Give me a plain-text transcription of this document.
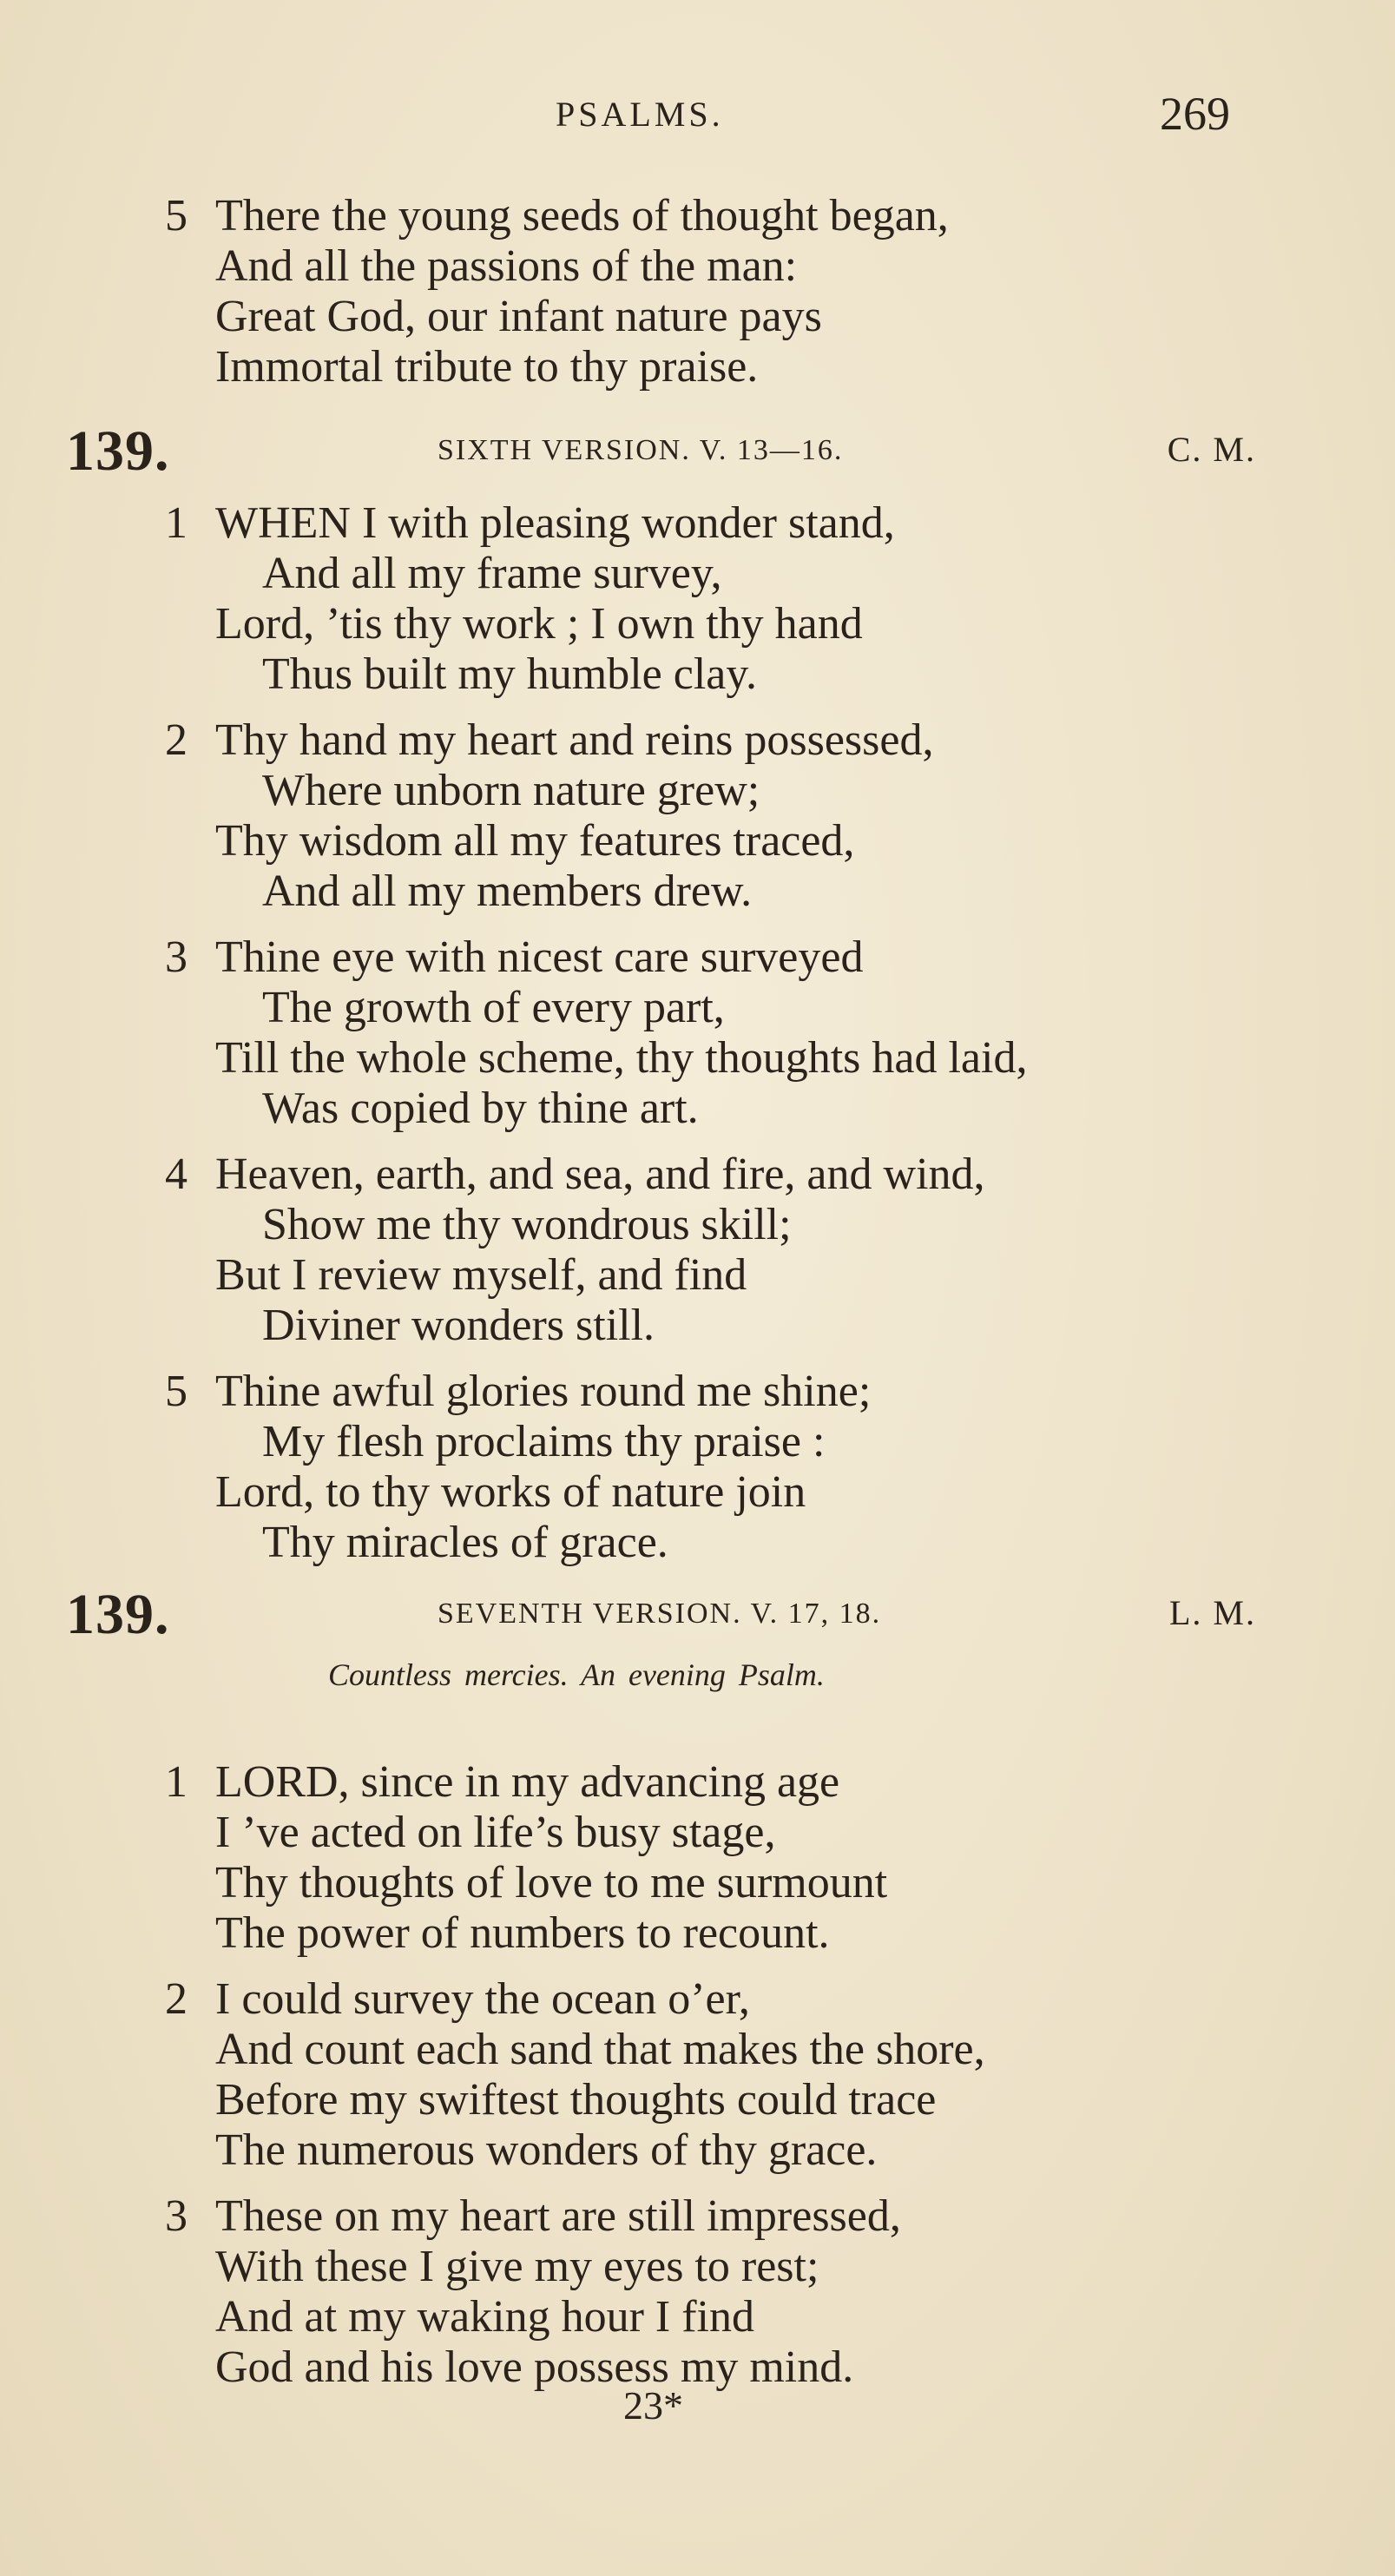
PSALMS.	269
5 There the young seeds of thought began,
And all the passions of the man:
Great God, our infant nature pays
Immortal tribute to thy praise.
139.	SIXTH VERSION. V. 13—16.	C. M.
1 WHEN I with pleasing wonder stand,
And all my frame survey,
Lord, ’tis thy work ; I own thy hand
Thus built my humble clay.
2 Thy hand my heart and reins possessed,
Where unborn nature grew;
Thy wisdom all my features traced,
And all my members drew.
3 Thine eye with nicest care surveyed
The growth of every part,
Till the whole scheme, thy thoughts had laid,
Was copied by thine art.
4 Heaven, earth, and sea, and fire, and wind,
Show me thy wondrous skill;
But I review myself, and find
Diviner wonders still.
5 Thine awful glories round me shine;
My flesh proclaims thy praise :
Lord, to thy works of nature join
Thy miracles of grace.
139.	SEVENTH VERSION. V. 17, 18.	L. M.
Countless mercies. An evening Psalm.
1 LORD, since in my advancing age
I ’ve acted on life’s busy stage,
Thy thoughts of love to me surmount
The power of numbers to recount.
2 I could survey the ocean o’er,
And count each sand that makes the shore,
Before my swiftest thoughts could trace
The numerous wonders of thy grace.
3 These on my heart are still impressed,
With these I give my eyes to rest;
And at my waking hour I find
God and his love possess my mind.
23*
